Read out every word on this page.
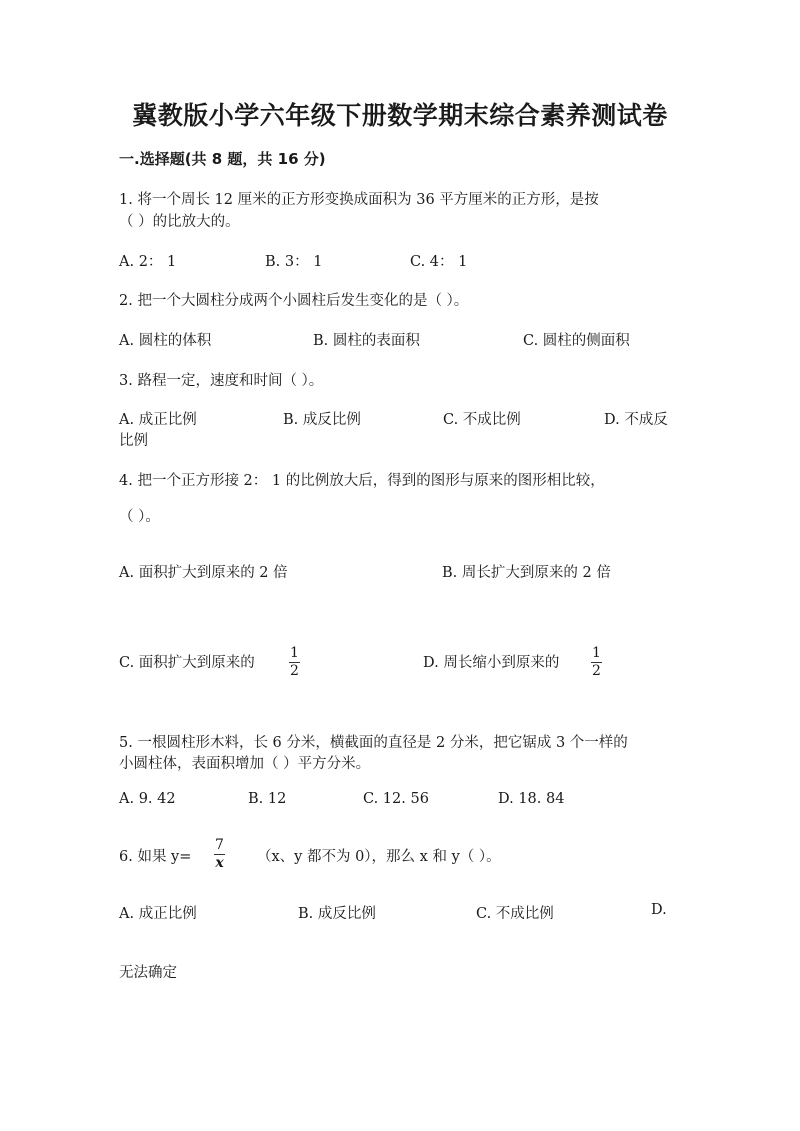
冀教版小学六年级下册数学期末综合素养测试卷
一.选择题(共 8 题，共 16 分)
1. 将一个周长 12 厘米的正方形变换成面积为 36 平方厘米的正方形，是按
（ ）的比放大的。
A. 2： 1	B. 3： 1	C. 4： 1
2. 把一个大圆柱分成两个小圆柱后发生变化的是（ ）。
A. 圆柱的体积	B. 圆柱的表面积	C. 圆柱的侧面积
3. 路程一定，速度和时间（ ）。
A. 成正比例	B. 成反比例	C. 不成比例	D. 不成反
比例
4. 把一个正方形接 2： 1 的比例放大后，得到的图形与原来的图形相比较，
（ ）。
A. 面积扩大到原来的 2 倍	B. 周长扩大到原来的 2 倍
C. 面积扩大到原来的
1
2	D. 周长缩小到原来的
1
2
5. 一根圆柱形木料，长 6 分米，横截面的直径是 2 分米，把它锯成 3 个一样的
小圆柱体，表面积增加（ ）平方分米。
A. 9. 42	B. 12	C. 12. 56	D. 18. 84
6. 如果 y=
7
x （x、y 都不为 0），那么 x 和 y（ ）。
A. 成正比例	B. 成反比例	C. 不成比例	D.
无法确定
